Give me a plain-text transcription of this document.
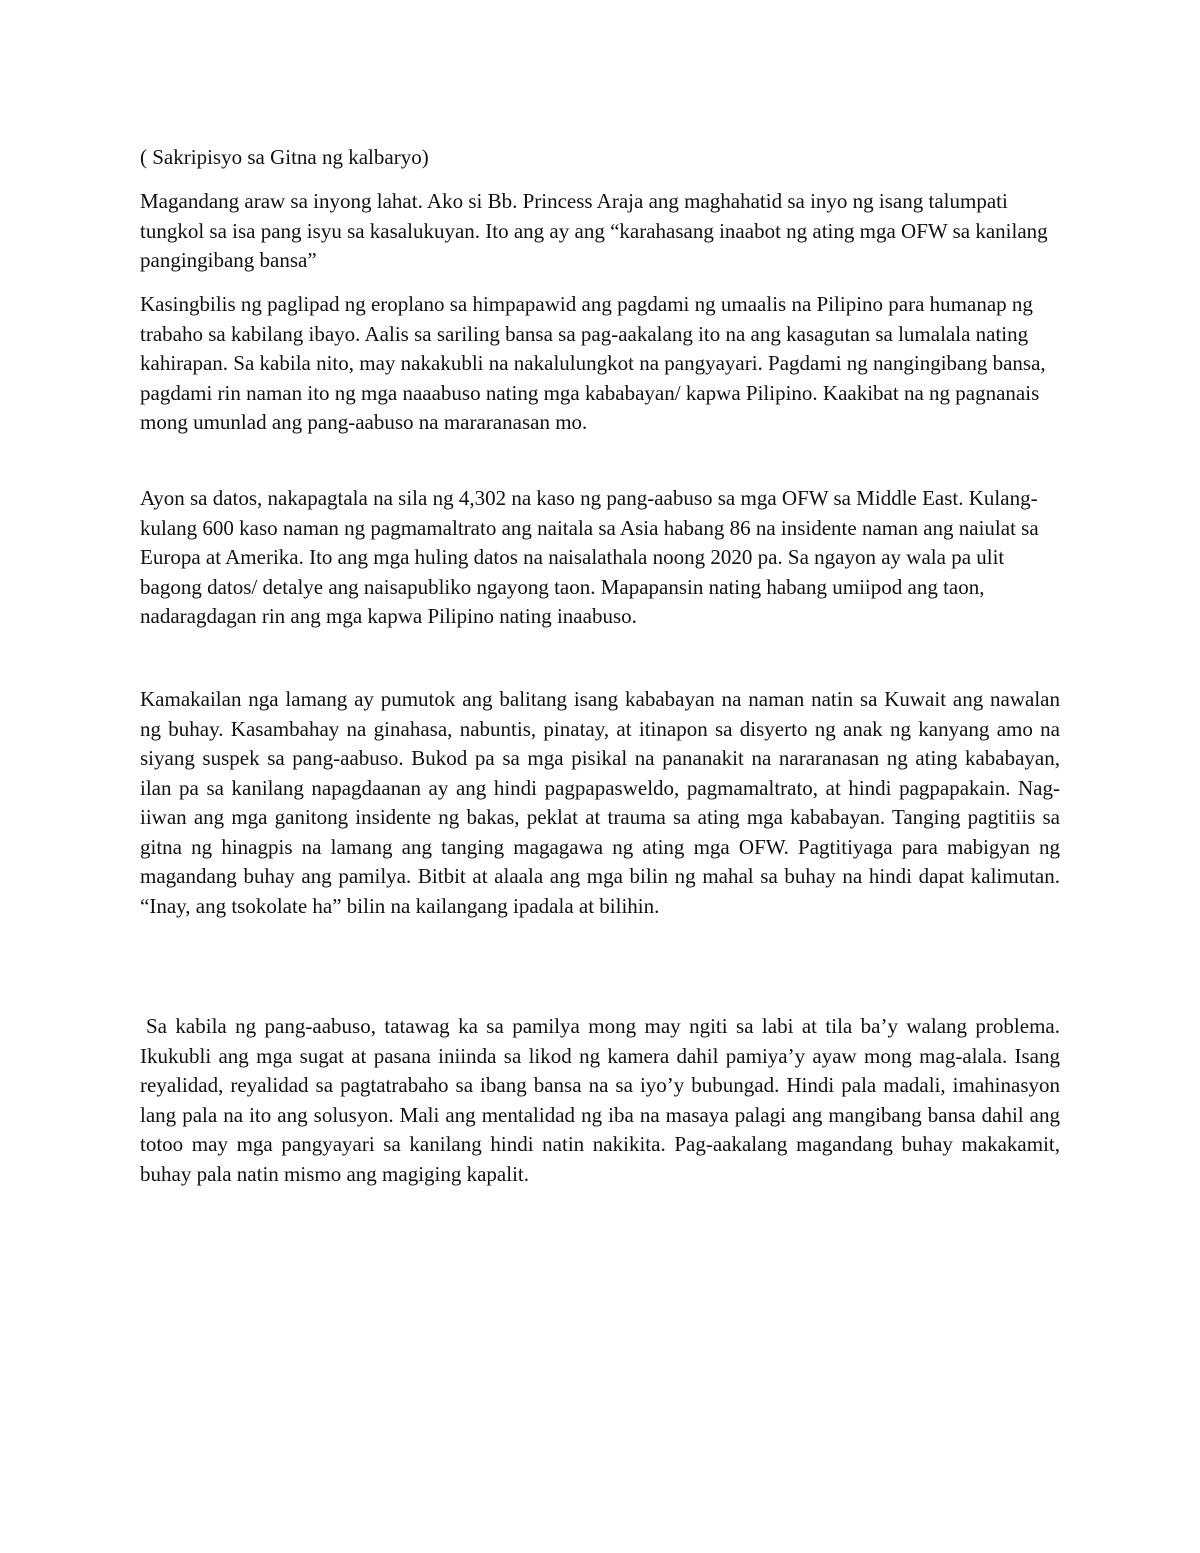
( Sakripisyo sa Gitna ng kalbaryo)

Magandang araw sa inyong lahat. Ako si Bb. Princess Araja ang maghahatid sa inyo ng isang talumpati tungkol sa isa pang isyu sa kasalukuyan. Ito ang ay ang “karahasang inaabot ng ating mga OFW sa kanilang pangingibang bansa”

Kasingbilis ng paglipad ng eroplano sa himpapawid ang pagdami ng umaalis na Pilipino para humanap ng trabaho sa kabilang ibayo. Aalis sa sariling bansa sa pag-aakalang ito na ang kasagutan sa lumalala nating kahirapan. Sa kabila nito, may nakakubli na nakalulungkot na pangyayari. Pagdami ng nangingibang bansa, pagdami rin naman ito ng mga naaabuso nating mga kababayan/ kapwa Pilipino. Kaakibat na ng pagnanais mong umunlad ang pang-aabuso na mararanasan mo.

Ayon sa datos, nakapagtala na sila ng 4,302 na kaso ng pang-aabuso sa mga OFW sa Middle East. Kulang-kulang 600 kaso naman ng pagmamaltrato ang naitala sa Asia habang 86 na insidente naman ang naiulat sa Europa at Amerika. Ito ang mga huling datos na naisalathala noong 2020 pa. Sa ngayon ay wala pa ulit bagong datos/ detalye ang naisapubliko ngayong taon. Mapapansin nating habang umiipod ang taon, nadaragdagan rin ang mga kapwa Pilipino nating inaabuso.

Kamakailan nga lamang ay pumutok ang balitang isang kababayan na naman natin sa Kuwait ang nawalan ng buhay. Kasambahay na ginahasa, nabuntis, pinatay, at itinapon sa disyerto ng anak ng kanyang amo na siyang suspek sa pang-aabuso. Bukod pa sa mga pisikal na pananakit na nararanasan ng ating kababayan, ilan pa sa kanilang napagdaanan ay ang hindi pagpapasweldo, pagmamaltrato, at hindi pagpapakain. Nag-iiwan ang mga ganitong insidente ng bakas, peklat at trauma sa ating mga kababayan. Tanging pagtitiis sa gitna ng hinagpis na lamang ang tanging magagawa ng ating mga OFW. Pagtitiyaga para mabigyan ng magandang buhay ang pamilya. Bitbit at alaala ang mga bilin ng mahal sa buhay na hindi dapat kalimutan. “Inay, ang tsokolate ha” bilin na kailangang ipadala at bilihin.

Sa kabila ng pang-aabuso, tatawag ka sa pamilya mong may ngiti sa labi at tila ba’y walang problema. Ikukubli ang mga sugat at pasana iniinda sa likod ng kamera dahil pamiya’y ayaw mong mag-alala. Isang reyalidad, reyalidad sa pagtatrabaho sa ibang bansa na sa iyo’y bubungad. Hindi pala madali, imahinasyon lang pala na ito ang solusyon. Mali ang mentalidad ng iba na masaya palagi ang mangibang bansa dahil ang totoo may mga pangyayari sa kanilang hindi natin nakikita. Pag-aakalang magandang buhay makakamit, buhay pala natin mismo ang magiging kapalit.
